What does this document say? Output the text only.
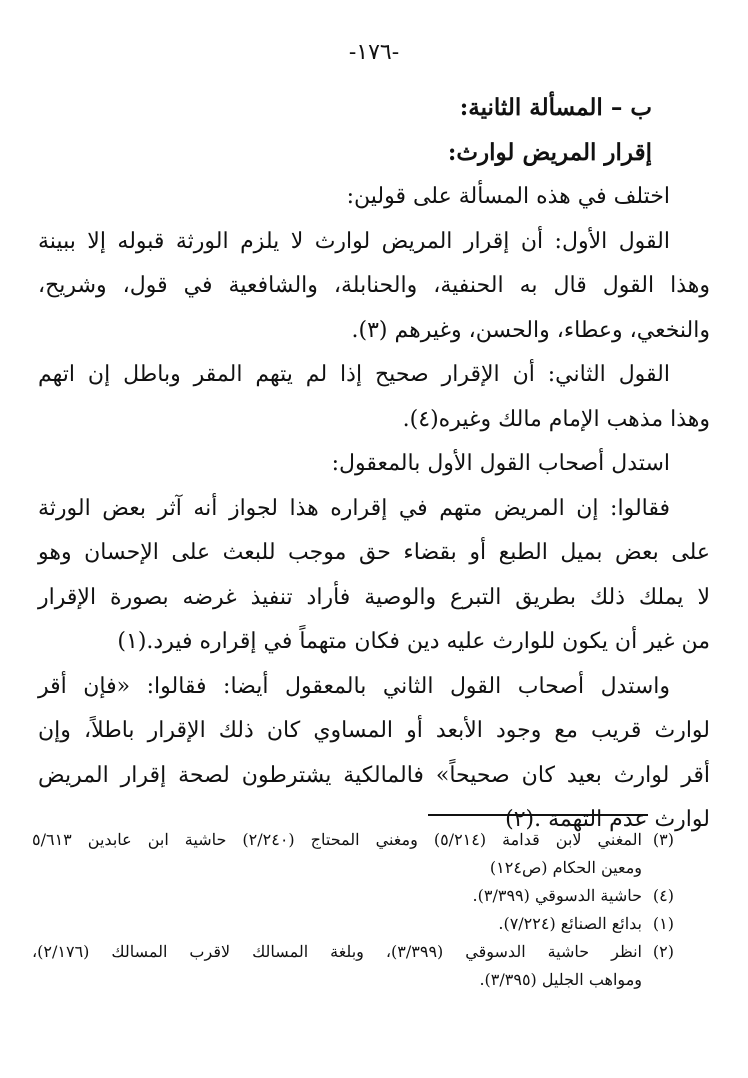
-١٧٦-
ب – المسألة الثانية:
إقرار المريض لوارث:
اختلف في هذه المسألة على قولين:
القول الأول: أن إقرار المريض لوارث لا يلزم الورثة قبوله إلا ببينة
وهذا القول قال به الحنفية، والحنابلة، والشافعية في قول، وشريح،
والنخعي، وعطاء، والحسن، وغيرهم (٣).
القول الثاني: أن الإقرار صحيح إذا لم يتهم المقر وباطل إن اتهم
وهذا مذهب الإمام مالك وغيره(٤).
استدل أصحاب القول الأول بالمعقول:
فقالوا: إن المريض متهم في إقراره هذا لجواز أنه آثر بعض الورثة
على بعض بميل الطبع أو بقضاء حق موجب للبعث على الإحسان وهو
لا يملك ذلك بطريق التبرع والوصية فأراد تنفيذ غرضه بصورة الإقرار
من غير أن يكون للوارث عليه دين فكان متهماً في إقراره فيرد.(١)
واستدل أصحاب القول الثاني بالمعقول أيضا: فقالوا: «فإن أقر
لوارث قريب مع وجود الأبعد أو المساوي كان ذلك الإقرار باطلاً، وإن
أقر لوارث بعيد كان صحيحاً» فالمالكية يشترطون لصحة إقرار المريض
لوارث عدم التهمة .(٢)
(٣)
المغني لابن قدامة (٥/٢١٤) ومغني المحتاج (٢/٢٤٠) حاشية ابن عابدين ٥/٦١٣
ومعين الحكام (ص١٢٤)
(٤)
حاشية الدسوقي (٣/٣٩٩).
(١)
بدائع الصنائع (٧/٢٢٤).
(٢)
انظر حاشية الدسوقي (٣/٣٩٩)، وبلغة المسالك لاقرب المسالك (٢/١٧٦)،
ومواهب الجليل (٣/٣٩٥).
